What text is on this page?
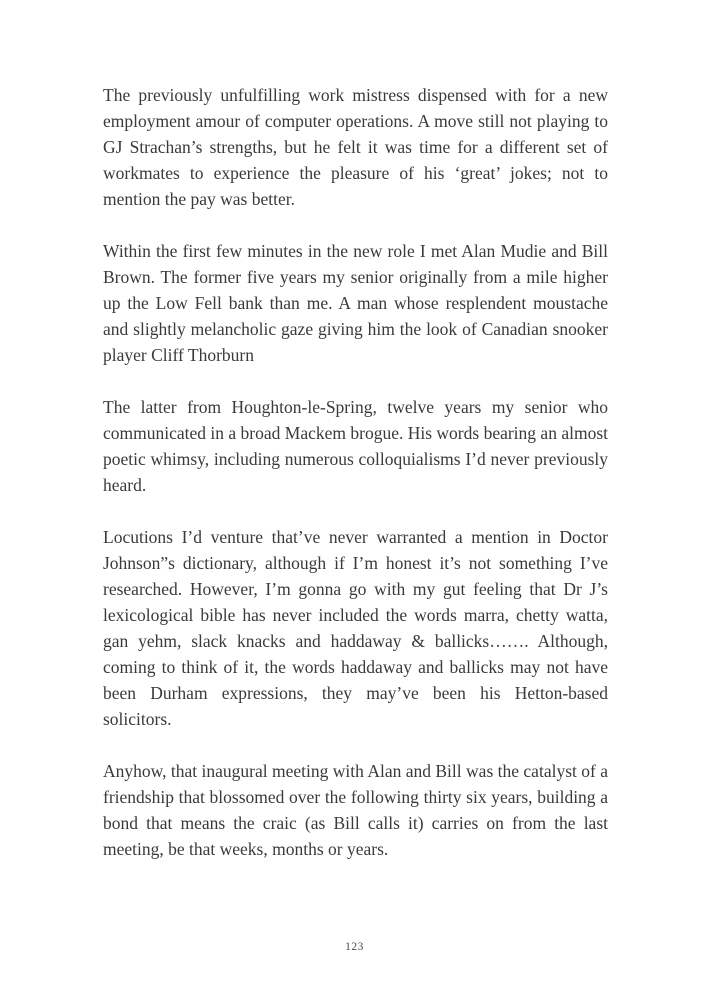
The previously unfulfilling work mistress dispensed with for a new employment amour of computer operations. A move still not playing to GJ Strachan’s strengths, but he felt it was time for a different set of workmates to experience the pleasure of his ‘great’ jokes; not to mention the pay was better.

Within the first few minutes in the new role I met Alan Mudie and Bill Brown. The former five years my senior originally from a mile higher up the Low Fell bank than me. A man whose resplendent moustache and slightly melancholic gaze giving him the look of Canadian snooker player Cliff Thorburn

The latter from Houghton-le-Spring, twelve years my senior who communicated in a broad Mackem brogue. His words bearing an almost poetic whimsy, including numerous colloquialisms I’d never previously heard.

Locutions I’d venture that’ve never warranted a mention in Doctor Johnson”s dictionary, although if I’m honest it’s not something I’ve researched. However, I’m gonna go with my gut feeling that Dr J’s lexicological bible has never included the words marra, chetty watta, gan yehm, slack knacks and haddaway & ballicks……. Although, coming to think of it, the words haddaway and ballicks may not have been Durham expressions, they may’ve been his Hetton-based solicitors.

Anyhow, that inaugural meeting with Alan and Bill was the catalyst of a friendship that blossomed over the following thirty six years, building a bond that means the craic (as Bill calls it) carries on from the last meeting, be that weeks, months or years.

123
